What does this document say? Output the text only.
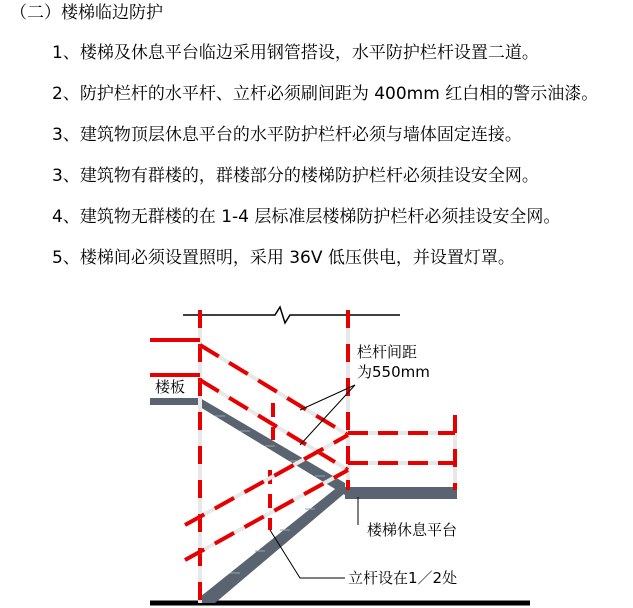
（二）楼梯临边防护
1、楼梯及休息平台临边采用钢管搭设，水平防护栏杆设置二道。
2、防护栏杆的水平杆、立杆必须刷间距为 400mm 红白相的警示油漆。
3、建筑物顶层休息平台的水平防护栏杆必须与墙体固定连接。
3、建筑物有群楼的，群楼部分的楼梯防护栏杆必须挂设安全网。
4、建筑物无群楼的在 1-4 层标准层楼梯防护栏杆必须挂设安全网。
5、楼梯间必须设置照明，采用 36V 低压供电，并设置灯罩。
楼板
栏杆间距
为550mm
楼梯休息平台
立杆设在1／2处
